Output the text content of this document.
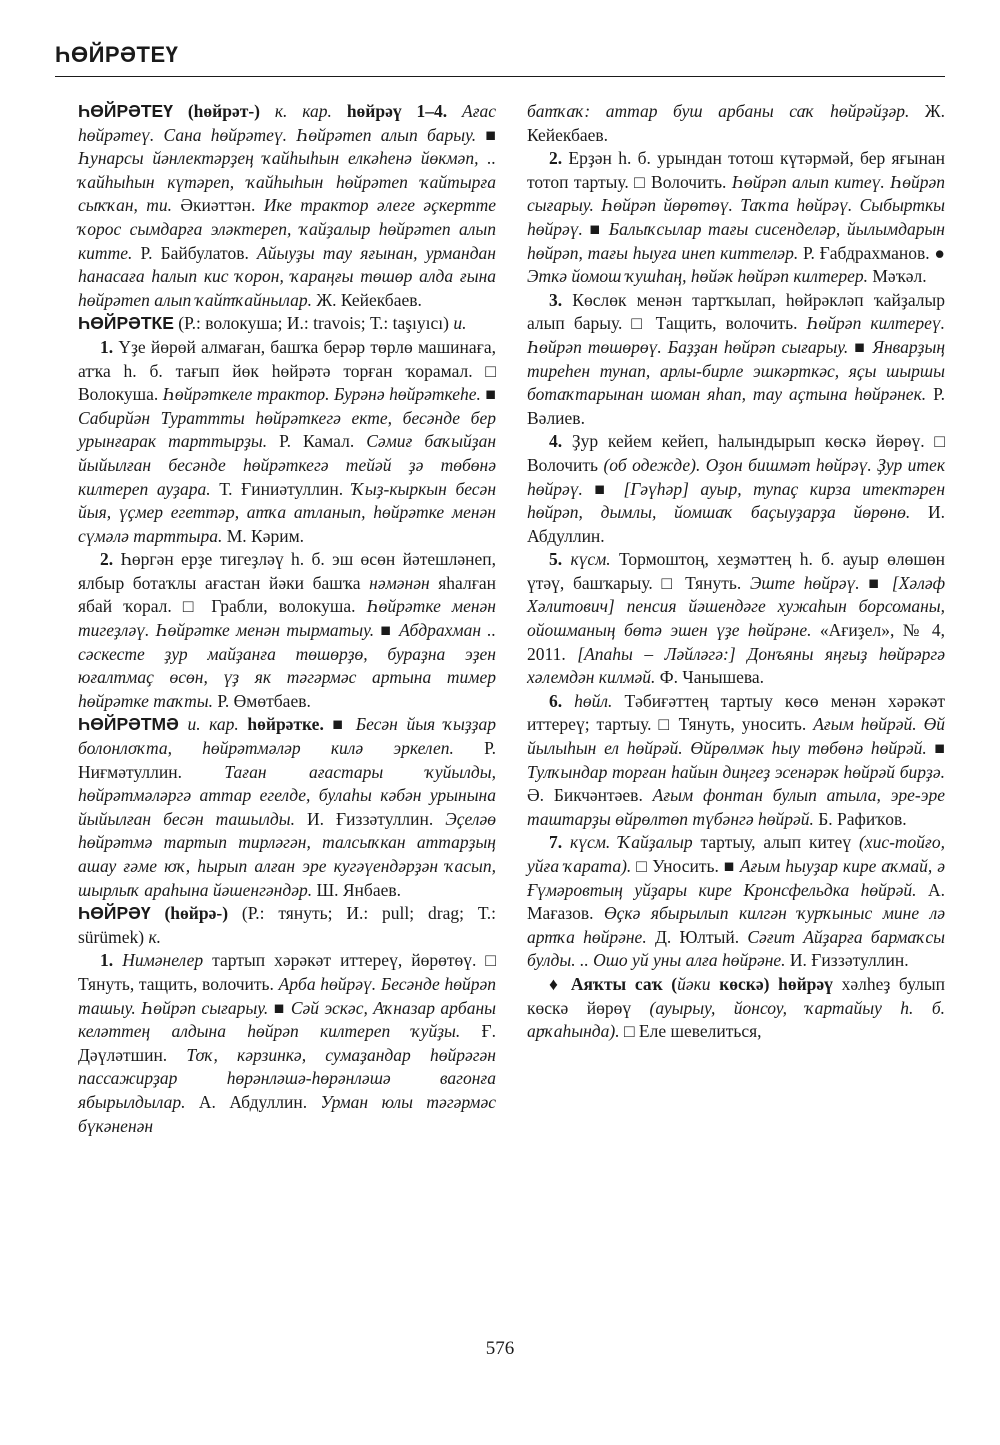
ҺӨЙРӘТЕҮ

ҺӨЙРӘТЕҮ (һөйрәт-) к. кар. һөйрәү 1–4. Ағас һөйрәтеү. Сана һөйрәтеү. Һөйрәтеп алып барыу. ■ Һунарсы йәнлектәрҙең ҡайһыһын елкәһенә йөкмәп, .. ҡайһыһын күтәреп, ҡайһыһын һөйрәтеп ҡайтырға сыҡҡан, ти. Әкиәттән. Ике трактор әлеге әҫкертте ҡорос сымдарға эләктереп, ҡайҙалыр һөйрәтеп алып китте. Р. Байбулатов. Айыуҙы тау яғынан, урмандан һанасаға һалып кис ҡорон, ҡараңғы төшөр алда ғына һөйрәтеп алып ҡайтҡайнылар. Ж. Кейекбаев.

ҺӨЙРӘТКЕ (Р.: волокуша; И.: travois; Т.: taşıyıcı) и.

1. Үҙе йөрөй алмаған, башҡа берәр төрлө машинаға, атҡа һ. б. тағып йөк һөйрәтә торған ҡорамал. □ Волокуша. Һөйрәткеле трактор. Бурәнә һөйрәткеһе. ■ Сабирйән Тураттты һөйрәткегә екте, бесәнде бер урынғарак тарттырҙы. Р. Камал. Сәмиғ баҡыйҙан йыйылған бесәнде һөйрәткегә тейәй ҙә төбөнә килтереп ауҙара. Т. Ғиниәтуллин. Ҡыҙ-кыркын бесән йыя, үҫмер егеттәр, атҡа атланып, һөйрәтке менән сүмәлә тарттыра. М. Кәрим.

2. Һөргән ерҙе тигеҙләү һ. б. эш өсөн йәтешләнеп, ялбыр ботаҡлы ағастан йәки башҡа нәмәнән яһалған ябай ҡорал. □ Грабли, волокуша. Һөйрәтке менән тигеҙләү. Һөйрәтке менән тырматыу. ■ Абдрахман .. сәскесте ҙур майҙанға төшөрҙө, бураҙна эҙен юғалтмаҫ өсөн, үҙ як тәгәрмәс артына тимер һөйрәтке таҡты. Р. Өмөтбаев.

ҺӨЙРӘТМӘ и. кар. һөйрәтке. ■ Бесән йыя ҡыҙҙар болонлоҡта, һөйрәтмәләр килә эркелеп. Р. Ниғмәтуллин. Таған ағастары ҡуйылды, һөйрәтмәләргә аттар егелде, булаһы кәбән урынына йыйылған бесән ташылды. И. Ғиззәтуллин. Эҫеләө һөйрәтмә тартып тирләгән, талсыҡкан аттарҙың ашау ғәме юҡ, һырып алған эре кугәүендәрҙән ҡасып, шырлыҡ араһына йәшенгәндәр. Ш. Янбаев.

ҺӨЙРӘҮ (һөйрә-) (Р.: тянуть; И.: pull; drag; Т.: sürümek) к.

1. Нимәнелер тартып хәрәкәт иттереү, йөрөтөү. □ Тянуть, тащить, волочить. Арба һөйрәү. Бесәнде һөйрәп ташыу. Һөйрәп сығарыу. ■ Сәй эскәс, Аҡназар арбаны келәттең алдына һөйрәп килтереп ҡуйҙы. Ғ. Дәүләтшин. Тоҡ, кәрзинкә, сумаҙандар һөйрәгән пассажирҙар һөрәнләшә-һөрәнләшә вагонға ябырылдылар. А. Абдуллин. Урман юлы тәгәрмәс бүкәненән

батҡаҡ: аттар буш арбаны саҡ һөйрәйҙәр. Ж. Кейекбаев.

2. Ерҙән һ. б. урындан тотош күтәрмәй, бер яғынан тотоп тартыу. □ Волочить. Һөйрәп алып китеү. Һөйрәп сығарыу. Һөйрәп йөрөтөү. Таҡта һөйрәү. Сыбырткы һөйрәү. ■ Балыҡсылар тағы сисенделәр, йылымдарын һөйрәп, тағы һыуға инеп киттеләр. Р. Ғабдрахманов. ● Эткә йомош ҡушһаң, һөйәк һөйрәп килтерер. Мәҡәл.

3. Көслөк менән тартҡылап, һөйрәкләп ҡайҙалыр алып барыу. □ Тащить, волочить. Һөйрәп килтереү. Һөйрәп төшөрөү. Баҙҙан һөйрәп сығарыу. ■ Январҙың тиреһен тунап, арлы-бирле эшкәрткәс, яҫы шыршы ботаҡтарынан шоман яһап, тау аҫтына һөйрәнек. Р. Вәлиев.

4. Ҙур кейем кейеп, һалындырып көскә йөрөү. □ Волочить (об одежде). Оҙон бишмәт һөйрәү. Ҙур итек һөйрәү. ■ [Гәүһәр] ауыр, тупаҫ кирза итектәрен һөйрәп, дымлы, йомшаҡ баҫыуҙарҙа йөрөнө. И. Абдуллин.

5. күсм. Тормоштоң, хеҙмәттең һ. б. ауыр өлөшөн үтәү, башҡарыу. □ Тянуть. Эште һөйрәү. ■ [Хәләф Хәлитович] пенсия йәшендәге хужаһын борсоманы, ойошманың бөтә эшен үҙе һөйрәне. «Ағиҙел», № 4, 2011. [Апаһы – Ләйләгә:] Донъяны яңғыҙ һөйрәргә хәлемдән килмәй. Ф. Чанышева.

6. һөйл. Тәбиғәттең тартыу көсө менән хәрәкәт иттереү; тартыу. □ Тянуть, уносить. Ағым һөйрәй. Өй йылыһын ел һөйрәй. Өйрөлмәк һыу төбөнә һөйрәй. ■ Тулҡындар торған һайын диңгеҙ эсенәрәк һөйрәй бирҙә. Ә. Бикчәнтәев. Ағым фонтан булып атыла, эре-эре таштарҙы өйрөлтөп түбәнгә һөйрәй. Б. Рафиҡов.

7. күсм. Ҡайҙалыр тартыу, алып китеү (хис-тойғо, уйға ҡарата). □ Уносить. ■ Ағым һыуҙар кире аҡмай, ә Ғүмәровтың уйҙары кире Кронсфельдка һөйрәй. А. Мағазов. Өҫкә ябырылып килгән ҡурҡыныс мине лә артҡа һөйрәне. Д. Юлтый. Сәғит Айҙарға бармаҡсы булды. .. Ошо уй уны алға һөйрәне. И. Ғиззәтуллин.

♦ Аяҡты саҡ (йәки көскә) һөйрәү хәлһеҙ булып көскә йөрөү (ауырыу, йонсоу, ҡартайыу һ. б. арҡаһында). □ Еле шевелиться,

576
